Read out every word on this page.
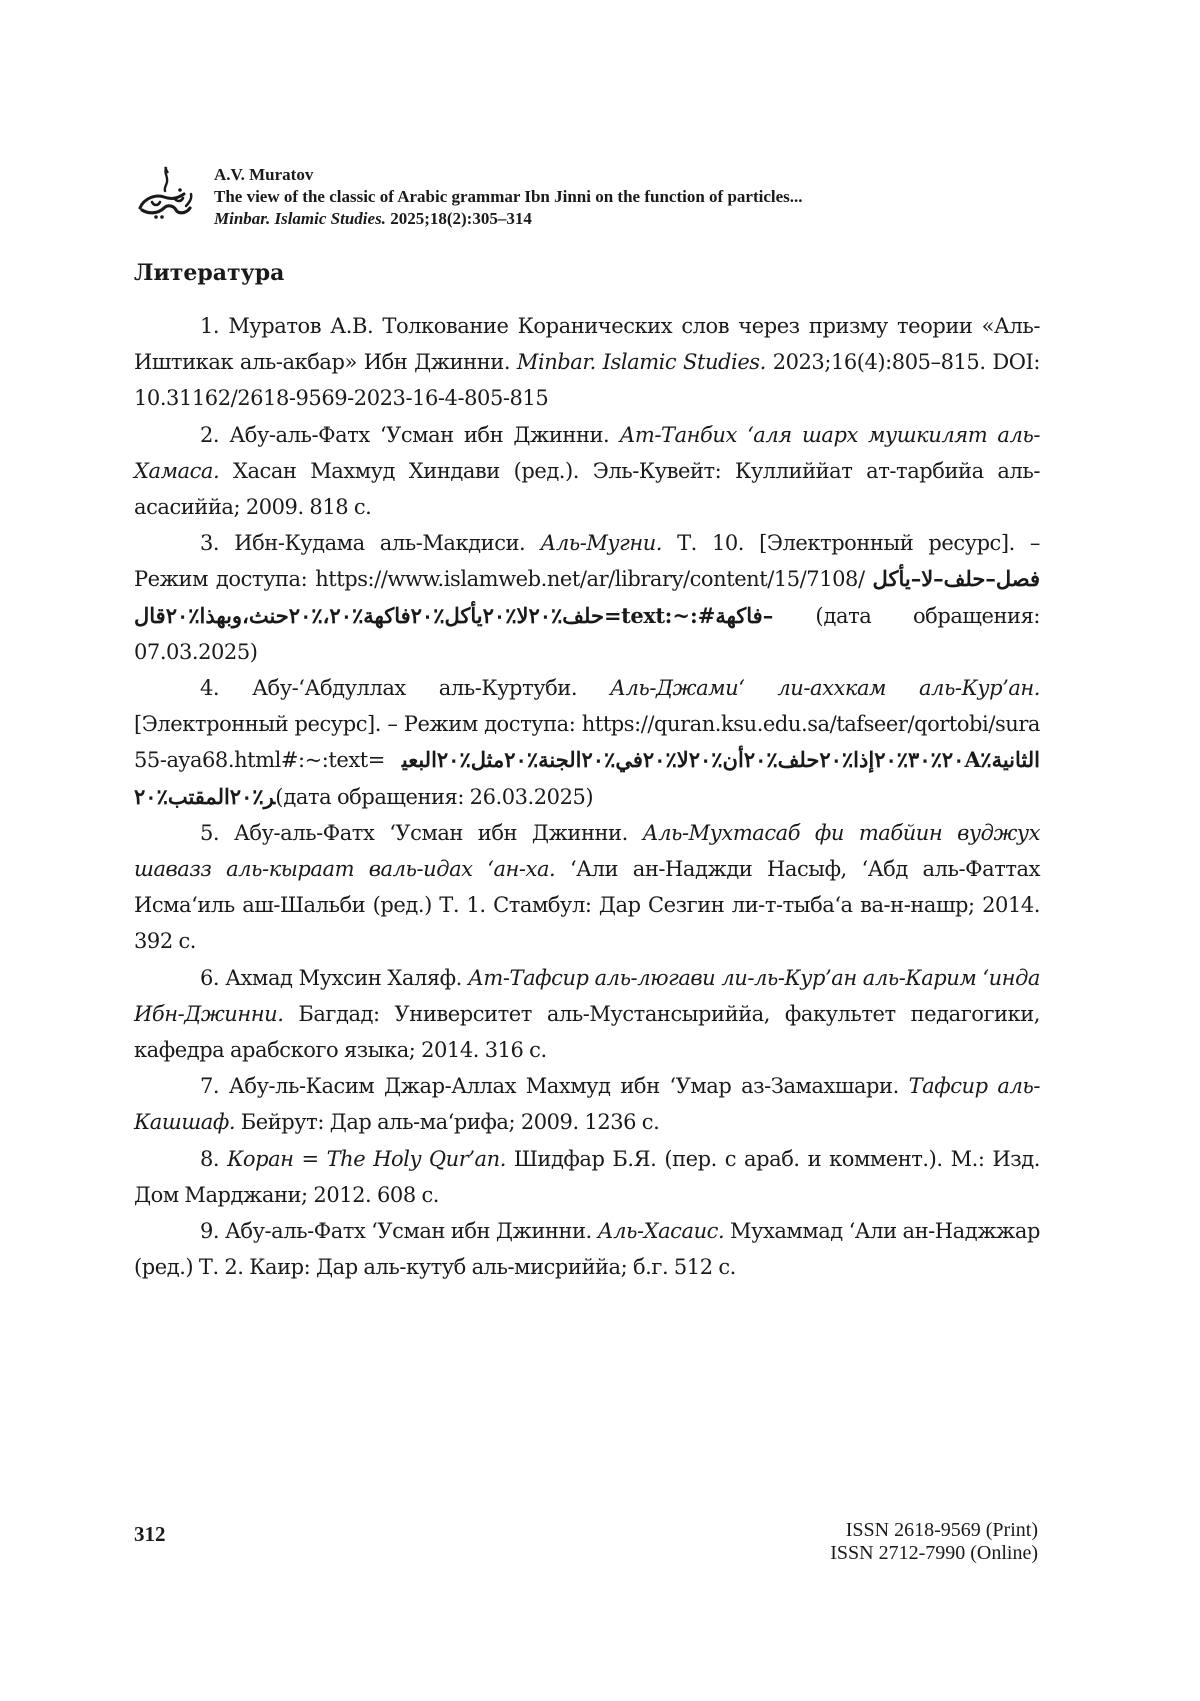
A.V. Muratov
The view of the classic of Arabic grammar Ibn Jinni on the function of particles...
Minbar. Islamic Studies. 2025;18(2):305–314
Литература

1. Муратов А.В. Толкование Коранических слов через призму теории «Аль-Иштикак аль-акбар» Ибн Джинни. Minbar. Islamic Studies. 2023;16(4):805–815. DOI: 10.31162/2618-9569-2023-16-4-805-815

2. Абу-аль-Фатх ‘Усман ибн Джинни. Ат-Танбих ‘аля шарх мушкилят аль-Хамаса. Хасан Махмуд Хиндави (ред.). Эль-Кувейт: Куллиййат ат-тарбийа аль-асасиййа; 2009. 818 с.

3. Ибн-Кудама аль-Макдиси. Аль-Мугни. Т. 10. [Электронный ресурс]. – Режим доступа: https://www.islamweb.net/ar/library/content/15/7108/ فصل–حلف–لا–يأكل–فاكهة#:~:text=حلف٪٢٠لا٪٢٠يأكل٪٢٠فاكهة٪٢٠،٪٢٠حنث،وبهذا٪٢٠قال (дата обращения: 07.03.2025)

4. Абу-‘Абдуллах аль-Куртуби. Аль-Джами‘ ли-аххкам аль-Кур’ан. [Электронный ресурс]. – Режим доступа: https://quran.ksu.edu.sa/tafseer/qortobi/sura55-aya68.html#:~:text= الثانية٪٢٠A٪٣٠٪٢٠إذا٪٢٠حلف٪٢٠أن٪٢٠لا٪٢٠في٪٢٠الجنة٪٢٠مثل٪٢٠البعير٪٢٠المقتب٪٢٠(дата обращения: 26.03.2025)

5. Абу-аль-Фатх ‘Усман ибн Джинни. Аль-Мухтасаб фи табйин вуджух шавазз аль-кыраат валь-идах ‘ан-ха. ‘Али ан-Наджди Насыф, ‘Абд аль-Фаттах Исма‘иль аш-Шальби (ред.) Т. 1. Стамбул: Дар Сезгин ли-т-тыба‘а ва-н-нашр; 2014. 392 с.

6. Ахмад Мухсин Халяф. Ат-Тафсир аль-люгави ли-ль-Кур’ан аль-Карим ‘инда Ибн-Джинни. Багдад: Университет аль-Мустансыриййа, факультет педагогики, кафедра арабского языка; 2014. 316 с.

7. Абу-ль-Касим Джар-Аллах Махмуд ибн ‘Умар аз-Замахшари. Тафсир аль-Кашшаф. Бейрут: Дар аль-ма‘рифа; 2009. 1236 с.

8. Коран = The Holy Qur’an. Шидфар Б.Я. (пер. с араб. и коммент.). М.: Изд. Дом Марджани; 2012. 608 с.

9. Абу-аль-Фатх ‘Усман ибн Джинни. Аль-Хасаис. Мухаммад ‘Али ан-Наджжар (ред.) Т. 2. Каир: Дар аль-кутуб аль-мисриййа; б.г. 512 с.

312	ISSN 2618-9569 (Print)
ISSN 2712-7990 (Online)
